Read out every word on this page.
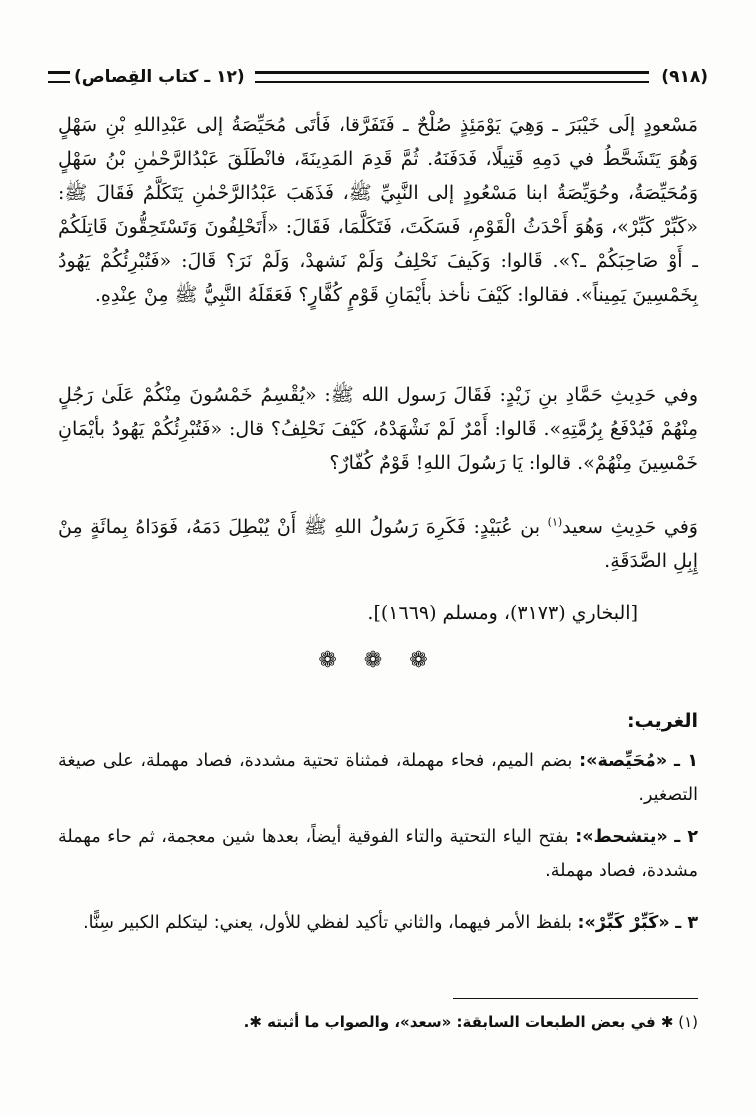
(٩١٨)
(١٢ ـ كتاب القِصاص)

مَسْعودٍ إلَى خَيْبَرَ ـ وَهِيَ يَوْمَئِذٍ صُلْحٌ ـ فَتَفَرَّقا، فَأتَى مُحَيِّصَةُ إلى عَبْدِاللهِ بْنِ سَهْلٍ وَهُوَ يَتَشَحَّطُ في دَمِهِ قَتِيلًا، فَدَفَنَهُ. ثُمَّ قَدِمَ المَدِينَةَ، فانْطَلَقَ عَبْدُالرَّحْمٰنِ بْنُ سَهْلٍ وَمُحَيِّصَةُ، وحُوَيِّصَةُ ابنا مَسْعُودٍ إلى النَّبِيِّ ﷺ، فَذَهَبَ عَبْدُالرَّحْمٰنِ يَتَكَلَّمُ فَقَالَ ﷺ: «كَبِّرْ كَبِّرْ»، وَهُوَ أَحْدَثُ الْقَوْمِ، فَسَكَتَ، فَتَكَلَّمَا، فَقَالَ: «أَتَحْلِفُونَ وَتَسْتَحِقُّونَ قَاتِلَكُمْ ـ أَوْ صَاحِبَكُمْ ـ؟». قَالوا: وَكَيفَ نَحْلِفُ وَلَمْ نَشهدْ، وَلَمْ نَرَ؟ قَالَ: «فَتُبْرِئُكُمْ يَهُودُ بِخَمْسِينَ يَمِيناً». فقالوا: كَيْفَ نأخذ بأَيْمَانِ قَوْمٍ كُفَّارٍ؟ فَعَقَلَهُ النَّبِيُّ ﷺ مِنْ عِنْدِهِ.

وفي حَدِيثِ حَمَّادِ بنِ زَيْدٍ: فَقَالَ رَسول الله ﷺ: «يُقْسِمُ خَمْسُونَ مِنْكُمْ عَلَىٰ رَجُلٍ مِنْهُمْ فَيُدْفَعُ بِرُمَّتِهِ». قَالوا: أَمْرٌ لَمْ نَشْهَدْهُ، كَيْفَ نَحْلِفُ؟ قال: «فَتُبْرِئُكُمْ يَهُودُ بأيْمَانِ خَمْسِينَ مِنْهُمْ». قالوا: يَا رَسُولَ اللهِ! قَوْمٌ كُفّارٌ؟

وَفي حَدِيثِ سعيد$^{(١)}$ بن عُبَيْدٍ: فَكَرِهَ رَسُولُ اللهِ ﷺ أَنْ يُبْطِلَ دَمَهُ، فَوَدَاهُ بِمائَةٍ مِنْ إِبِلِ الصَّدَقَةِ.

[البخاري (٣١٧٣)، ومسلم (١٦٦٩)].
❁ ❁ ❁
الغريب:
١ ـ «مُحَيِّصة»: بضم الميم، فحاء مهملة، فمثناة تحتية مشددة، فصاد مهملة، على صيغة التصغير.
٢ ـ «يتشحط»: بفتح الياء التحتية والتاء الفوقية أيضاً، بعدها شين معجمة، ثم حاء مهملة مشددة، فصاد مهملة.
٣ ـ «كَبِّرْ كَبِّرْ»: بلفظ الأمر فيهما، والثاني تأكيد لفظي للأول، يعني: ليتكلم الكبير سِنًّا.
(١) ✱ في بعض الطبعات السابقة: «سعد»، والصواب ما أثبته ✱.
